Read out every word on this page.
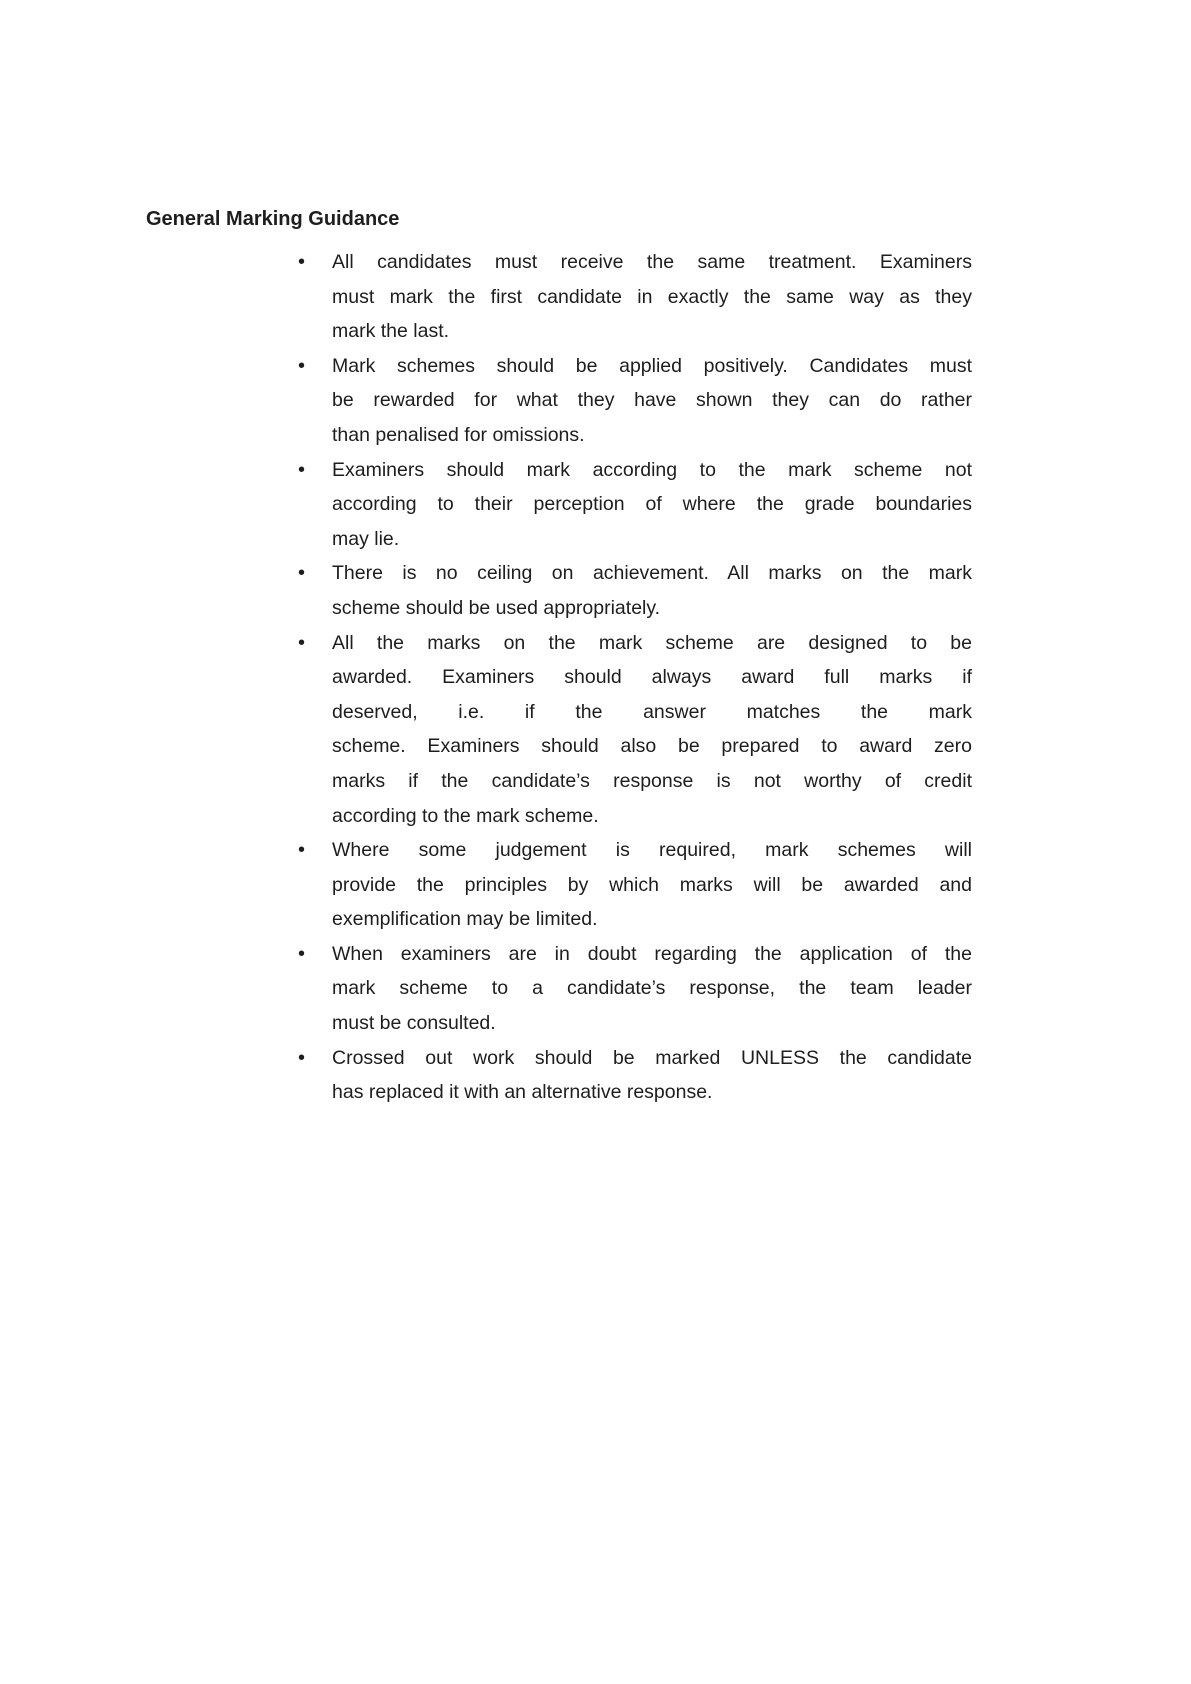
General Marking Guidance
• All candidates must receive the same treatment. Examiners
must mark the first candidate in exactly the same way as they
mark the last.
• Mark schemes should be applied positively. Candidates must
be rewarded for what they have shown they can do rather
than penalised for omissions.
• Examiners should mark according to the mark scheme not
according to their perception of where the grade boundaries
may lie.
• There is no ceiling on achievement. All marks on the mark
scheme should be used appropriately.
• All the marks on the mark scheme are designed to be
awarded. Examiners should always award full marks if
deserved, i.e. if the answer matches the mark
scheme. Examiners should also be prepared to award zero
marks if the candidate’s response is not worthy of credit
according to the mark scheme.
• Where some judgement is required, mark schemes will
provide the principles by which marks will be awarded and
exemplification may be limited.
• When examiners are in doubt regarding the application of the
mark scheme to a candidate’s response, the team leader
must be consulted.
• Crossed out work should be marked UNLESS the candidate
has replaced it with an alternative response.
